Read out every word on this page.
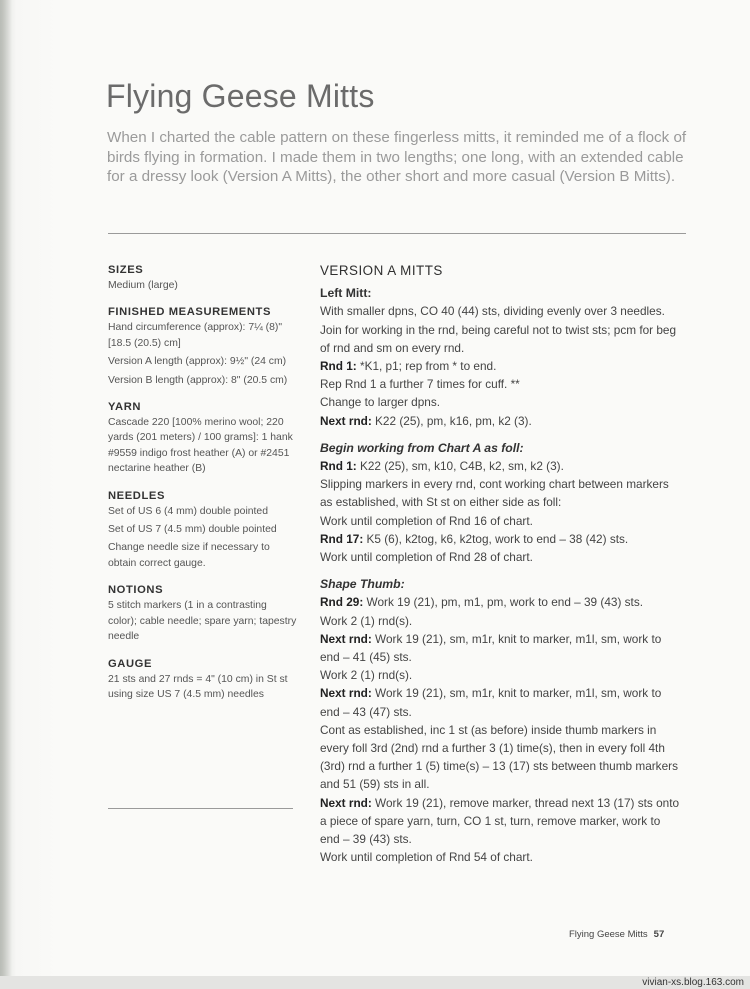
Flying Geese Mitts

When I charted the cable pattern on these fingerless mitts, it reminded me of a flock of birds flying in formation. I made them in two lengths; one long, with an extended cable for a dressy look (Version A Mitts), the other short and more casual (Version B Mitts).

SIZES

Medium (large)

FINISHED MEASUREMENTS

Hand circumference (approx): 7¼ (8)" [18.5 (20.5) cm]

Version A length (approx): 9½" (24 cm)

Version B length (approx): 8" (20.5 cm)

YARN

Cascade 220 [100% merino wool; 220 yards (201 meters) / 100 grams]: 1 hank #9559 indigo frost heather (A) or #2451 nectarine heather (B)

NEEDLES

Set of US 6 (4 mm) double pointed

Set of US 7 (4.5 mm) double pointed

Change needle size if necessary to obtain correct gauge.

NOTIONS

5 stitch markers (1 in a contrasting color); cable needle; spare yarn; tapestry needle

GAUGE

21 sts and 27 rnds = 4" (10 cm) in St st using size US 7 (4.5 mm) needles

VERSION A MITTS
Left Mitt:

With smaller dpns, CO 40 (44) sts, dividing evenly over 3 needles.

Join for working in the rnd, being careful not to twist sts; pcm for beg of rnd and sm on every rnd.

Rnd 1: *K1, p1; rep from * to end.

Rep Rnd 1 a further 7 times for cuff. **

Change to larger dpns.

Next rnd: K22 (25), pm, k16, pm, k2 (3).

Begin working from Chart A as foll:

Rnd 1: K22 (25), sm, k10, C4B, k2, sm, k2 (3).

Slipping markers in every rnd, cont working chart between markers as established, with St st on either side as foll:

Work until completion of Rnd 16 of chart.

Rnd 17: K5 (6), k2tog, k6, k2tog, work to end – 38 (42) sts.

Work until completion of Rnd 28 of chart.

Shape Thumb:

Rnd 29: Work 19 (21), pm, m1, pm, work to end – 39 (43) sts.

Work 2 (1) rnd(s).

Next rnd: Work 19 (21), sm, m1r, knit to marker, m1l, sm, work to end – 41 (45) sts.

Work 2 (1) rnd(s).

Next rnd: Work 19 (21), sm, m1r, knit to marker, m1l, sm, work to end – 43 (47) sts.

Cont as established, inc 1 st (as before) inside thumb markers in every foll 3rd (2nd) rnd a further 3 (1) time(s), then in every foll 4th (3rd) rnd a further 1 (5) time(s) – 13 (17) sts between thumb markers and 51 (59) sts in all.

Next rnd: Work 19 (21), remove marker, thread next 13 (17) sts onto a piece of spare yarn, turn, CO 1 st, turn, remove marker, work to end – 39 (43) sts.

Work until completion of Rnd 54 of chart.

Flying Geese Mitts 57
vivian-xs.blog.163.com
